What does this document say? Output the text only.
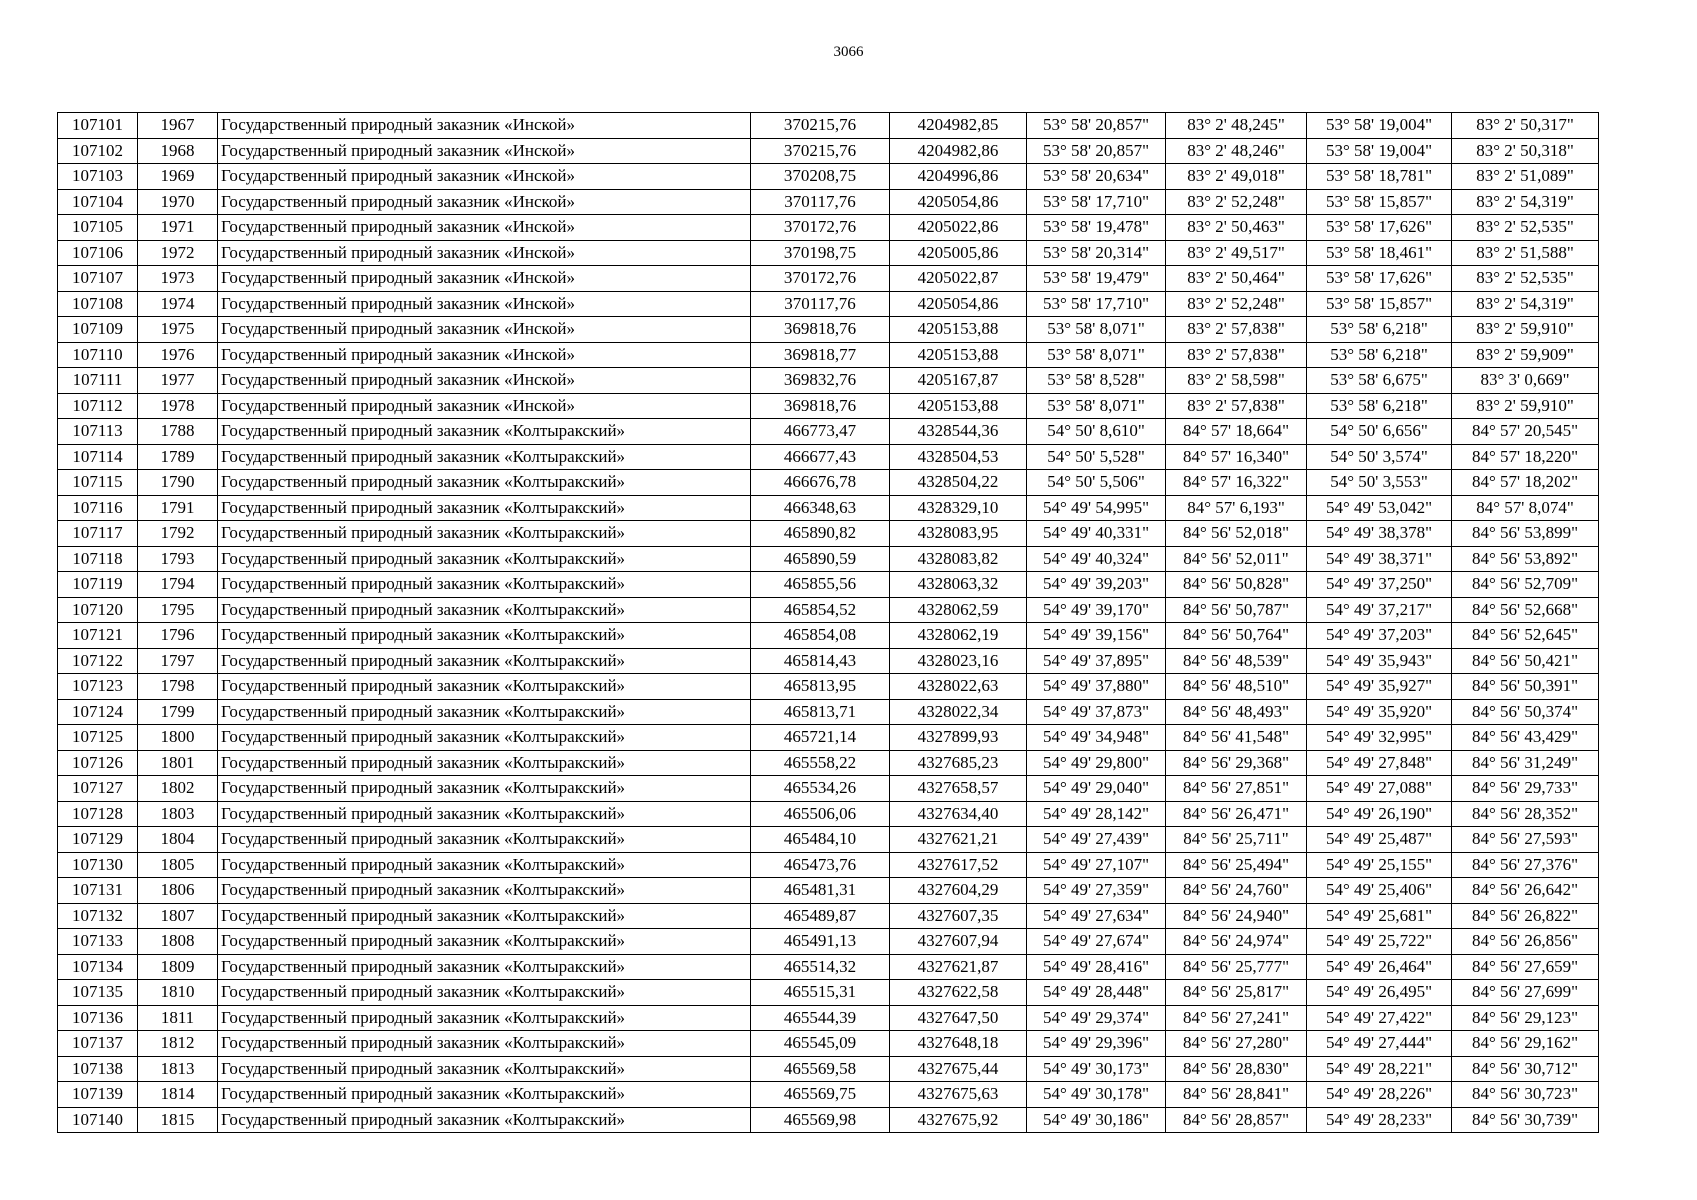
3066
107101	1967	Государственный природный заказник «Инской»	370215,76	4204982,85	53° 58' 20,857"	83° 2' 48,245"	53° 58' 19,004"	83° 2' 50,317"
107102	1968	Государственный природный заказник «Инской»	370215,76	4204982,86	53° 58' 20,857"	83° 2' 48,246"	53° 58' 19,004"	83° 2' 50,318"
107103	1969	Государственный природный заказник «Инской»	370208,75	4204996,86	53° 58' 20,634"	83° 2' 49,018"	53° 58' 18,781"	83° 2' 51,089"
107104	1970	Государственный природный заказник «Инской»	370117,76	4205054,86	53° 58' 17,710"	83° 2' 52,248"	53° 58' 15,857"	83° 2' 54,319"
107105	1971	Государственный природный заказник «Инской»	370172,76	4205022,86	53° 58' 19,478"	83° 2' 50,463"	53° 58' 17,626"	83° 2' 52,535"
107106	1972	Государственный природный заказник «Инской»	370198,75	4205005,86	53° 58' 20,314"	83° 2' 49,517"	53° 58' 18,461"	83° 2' 51,588"
107107	1973	Государственный природный заказник «Инской»	370172,76	4205022,87	53° 58' 19,479"	83° 2' 50,464"	53° 58' 17,626"	83° 2' 52,535"
107108	1974	Государственный природный заказник «Инской»	370117,76	4205054,86	53° 58' 17,710"	83° 2' 52,248"	53° 58' 15,857"	83° 2' 54,319"
107109	1975	Государственный природный заказник «Инской»	369818,76	4205153,88	53° 58' 8,071"	83° 2' 57,838"	53° 58' 6,218"	83° 2' 59,910"
107110	1976	Государственный природный заказник «Инской»	369818,77	4205153,88	53° 58' 8,071"	83° 2' 57,838"	53° 58' 6,218"	83° 2' 59,909"
107111	1977	Государственный природный заказник «Инской»	369832,76	4205167,87	53° 58' 8,528"	83° 2' 58,598"	53° 58' 6,675"	83° 3' 0,669"
107112	1978	Государственный природный заказник «Инской»	369818,76	4205153,88	53° 58' 8,071"	83° 2' 57,838"	53° 58' 6,218"	83° 2' 59,910"
107113	1788	Государственный природный заказник «Колтыракский»	466773,47	4328544,36	54° 50' 8,610"	84° 57' 18,664"	54° 50' 6,656"	84° 57' 20,545"
107114	1789	Государственный природный заказник «Колтыракский»	466677,43	4328504,53	54° 50' 5,528"	84° 57' 16,340"	54° 50' 3,574"	84° 57' 18,220"
107115	1790	Государственный природный заказник «Колтыракский»	466676,78	4328504,22	54° 50' 5,506"	84° 57' 16,322"	54° 50' 3,553"	84° 57' 18,202"
107116	1791	Государственный природный заказник «Колтыракский»	466348,63	4328329,10	54° 49' 54,995"	84° 57' 6,193"	54° 49' 53,042"	84° 57' 8,074"
107117	1792	Государственный природный заказник «Колтыракский»	465890,82	4328083,95	54° 49' 40,331"	84° 56' 52,018"	54° 49' 38,378"	84° 56' 53,899"
107118	1793	Государственный природный заказник «Колтыракский»	465890,59	4328083,82	54° 49' 40,324"	84° 56' 52,011"	54° 49' 38,371"	84° 56' 53,892"
107119	1794	Государственный природный заказник «Колтыракский»	465855,56	4328063,32	54° 49' 39,203"	84° 56' 50,828"	54° 49' 37,250"	84° 56' 52,709"
107120	1795	Государственный природный заказник «Колтыракский»	465854,52	4328062,59	54° 49' 39,170"	84° 56' 50,787"	54° 49' 37,217"	84° 56' 52,668"
107121	1796	Государственный природный заказник «Колтыракский»	465854,08	4328062,19	54° 49' 39,156"	84° 56' 50,764"	54° 49' 37,203"	84° 56' 52,645"
107122	1797	Государственный природный заказник «Колтыракский»	465814,43	4328023,16	54° 49' 37,895"	84° 56' 48,539"	54° 49' 35,943"	84° 56' 50,421"
107123	1798	Государственный природный заказник «Колтыракский»	465813,95	4328022,63	54° 49' 37,880"	84° 56' 48,510"	54° 49' 35,927"	84° 56' 50,391"
107124	1799	Государственный природный заказник «Колтыракский»	465813,71	4328022,34	54° 49' 37,873"	84° 56' 48,493"	54° 49' 35,920"	84° 56' 50,374"
107125	1800	Государственный природный заказник «Колтыракский»	465721,14	4327899,93	54° 49' 34,948"	84° 56' 41,548"	54° 49' 32,995"	84° 56' 43,429"
107126	1801	Государственный природный заказник «Колтыракский»	465558,22	4327685,23	54° 49' 29,800"	84° 56' 29,368"	54° 49' 27,848"	84° 56' 31,249"
107127	1802	Государственный природный заказник «Колтыракский»	465534,26	4327658,57	54° 49' 29,040"	84° 56' 27,851"	54° 49' 27,088"	84° 56' 29,733"
107128	1803	Государственный природный заказник «Колтыракский»	465506,06	4327634,40	54° 49' 28,142"	84° 56' 26,471"	54° 49' 26,190"	84° 56' 28,352"
107129	1804	Государственный природный заказник «Колтыракский»	465484,10	4327621,21	54° 49' 27,439"	84° 56' 25,711"	54° 49' 25,487"	84° 56' 27,593"
107130	1805	Государственный природный заказник «Колтыракский»	465473,76	4327617,52	54° 49' 27,107"	84° 56' 25,494"	54° 49' 25,155"	84° 56' 27,376"
107131	1806	Государственный природный заказник «Колтыракский»	465481,31	4327604,29	54° 49' 27,359"	84° 56' 24,760"	54° 49' 25,406"	84° 56' 26,642"
107132	1807	Государственный природный заказник «Колтыракский»	465489,87	4327607,35	54° 49' 27,634"	84° 56' 24,940"	54° 49' 25,681"	84° 56' 26,822"
107133	1808	Государственный природный заказник «Колтыракский»	465491,13	4327607,94	54° 49' 27,674"	84° 56' 24,974"	54° 49' 25,722"	84° 56' 26,856"
107134	1809	Государственный природный заказник «Колтыракский»	465514,32	4327621,87	54° 49' 28,416"	84° 56' 25,777"	54° 49' 26,464"	84° 56' 27,659"
107135	1810	Государственный природный заказник «Колтыракский»	465515,31	4327622,58	54° 49' 28,448"	84° 56' 25,817"	54° 49' 26,495"	84° 56' 27,699"
107136	1811	Государственный природный заказник «Колтыракский»	465544,39	4327647,50	54° 49' 29,374"	84° 56' 27,241"	54° 49' 27,422"	84° 56' 29,123"
107137	1812	Государственный природный заказник «Колтыракский»	465545,09	4327648,18	54° 49' 29,396"	84° 56' 27,280"	54° 49' 27,444"	84° 56' 29,162"
107138	1813	Государственный природный заказник «Колтыракский»	465569,58	4327675,44	54° 49' 30,173"	84° 56' 28,830"	54° 49' 28,221"	84° 56' 30,712"
107139	1814	Государственный природный заказник «Колтыракский»	465569,75	4327675,63	54° 49' 30,178"	84° 56' 28,841"	54° 49' 28,226"	84° 56' 30,723"
107140	1815	Государственный природный заказник «Колтыракский»	465569,98	4327675,92	54° 49' 30,186"	84° 56' 28,857"	54° 49' 28,233"	84° 56' 30,739"
